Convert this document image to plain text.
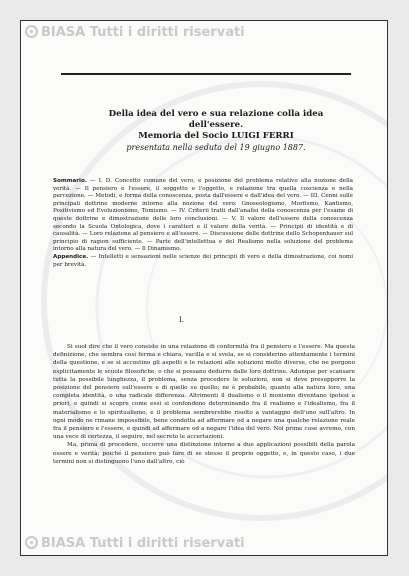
BIASA Tutti i diritti riservati
Della idea del vero e sua relazione colla idea dell'essere.
Memoria del Socio LUIGI FERRI
presentata nella seduta del 19 giugno 1887.
Sommario. — I. D. Concetto comune del vero, e posizione del problema relativo alla nozione della verità. — Il pensiero e l'essere, il soggetto e l'oggetto, e relazione tra quella coscienza e nella percezione. — Metodi, e forma della conoscenza, posta dall'essere e dall'idea del vero. — III. Cenni sulle principali dottrine moderne intorno alla nozione del vero: Gnoseologismo, Morfismo, Kantismo, Positivismo ed Evoluzionismo, Tomismo. — IV. Criterii tratti dall'analisi della conoscenza per l'esame di queste dottrine e dimostrazione delle loro conclusioni. — V. Il valore dell'essere della conoscenza secondo la Scuola Ontologica, dove i caratteri e il valore della verità. — Principii di identità e di causalità. — Loro relazione al pensiero e all'essere. — Discussione delle dottrine dello Schopenhauer sul principio di ragion sufficiente. — Parte dell'intellettua e del Realismo nella soluzione del problema intorno alla natura del vero. — Il Dinamismo.
Appendice. — Intelletti e sensazioni nelle scienze dei principii di vero e della dimostrazione, coi nomi per brevità.
I.

Si suol dire che il vero consiste in una relazione di conformità fra il pensiero e l'essere. Ma questa definizione, che sembra così ferma e chiara, vacilla e si svela, se si considerino attentamente i termini della questione, e se si accostino gli aspetti e le relazioni alle soluzioni molto diverse, che ne porgono esplicitamente le scuole filosofiche, o che si possano dedurre dalle loro dottrine. Adunque per scansare tutta la possibile lunghezza, il problema, senza procedere le soluzioni, non si deve presupporre la posizione del pensiero sull'essere e di quello su quello; ne è probabile, quanto alla natura loro, una completa identità, o una radicale differenza. Altrimenti il dualismo o il monismo diventano ipotesi a priori, e quindi si scopre come essi si confondono determinando fra il realismo e l'idealismo, fra il materialismo e lo spiritualismo, e il problema sembrerebbe risolto a vantaggio dell'uno sull'altro. In ogni modo ne rimane impossibile, bene condotta ad affermare od a negare una qualche relazione reale fra il pensiero e l'essere, e quindi ad affermare od a negare l'idea del vero. Noi prime cose avremo, con una vece di certezza, il seguire, nel secreto le accertazioni.

Ma, prima di procedere, occorre una distinzione intorno a due applicazioni possibili della parola essere e verità; poiché il pensiero può fare di se stesso il proprio oggetto, e, in questo caso, i due termini non si distinguono l'uno dall'altro, ciò

BIASA Tutti i diritti riservati
